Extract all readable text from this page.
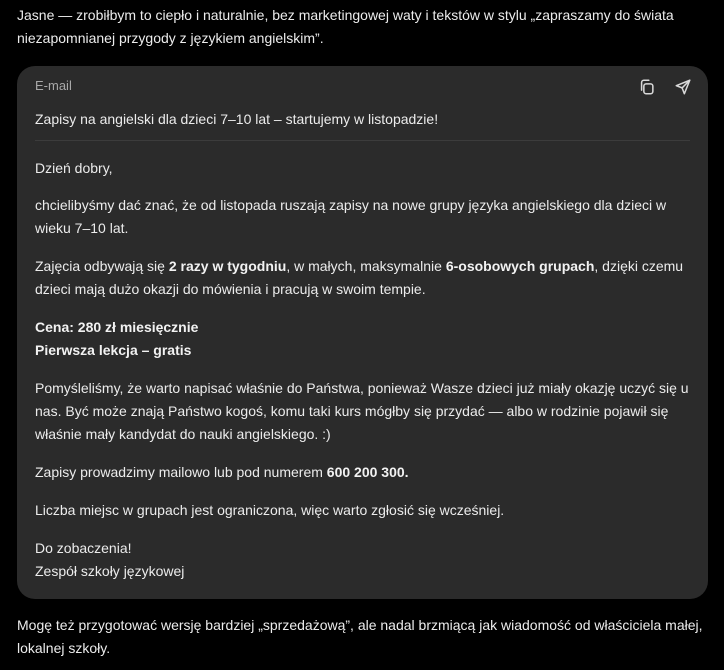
Jasne — zrobiłbym to ciepło i naturalnie, bez marketingowej waty i tekstów w stylu „zapraszamy do świata niezapomnianej przygody z językiem angielskim”.

E-mail

Zapisy na angielski dla dzieci 7–10 lat – startujemy w listopadzie!

Dzień dobry,

chcielibyśmy dać znać, że od listopada ruszają zapisy na nowe grupy języka angielskiego dla dzieci w wieku 7–10 lat.

Zajęcia odbywają się 2 razy w tygodniu, w małych, maksymalnie 6-osobowych grupach, dzięki czemu dzieci mają dużo okazji do mówienia i pracują w swoim tempie.

Cena: 280 zł miesięcznie

Pierwsza lekcja – gratis

Pomyśleliśmy, że warto napisać właśnie do Państwa, ponieważ Wasze dzieci już miały okazję uczyć się u nas. Być może znają Państwo kogoś, komu taki kurs mógłby się przydać — albo w rodzinie pojawił się właśnie mały kandydat do nauki angielskiego. :)

Zapisy prowadzimy mailowo lub pod numerem 600 200 300.

Liczba miejsc w grupach jest ograniczona, więc warto zgłosić się wcześniej.

Do zobaczenia!

Zespół szkoły językowej

Mogę też przygotować wersję bardziej „sprzedażową”, ale nadal brzmiącą jak wiadomość od właściciela małej, lokalnej szkoły.
